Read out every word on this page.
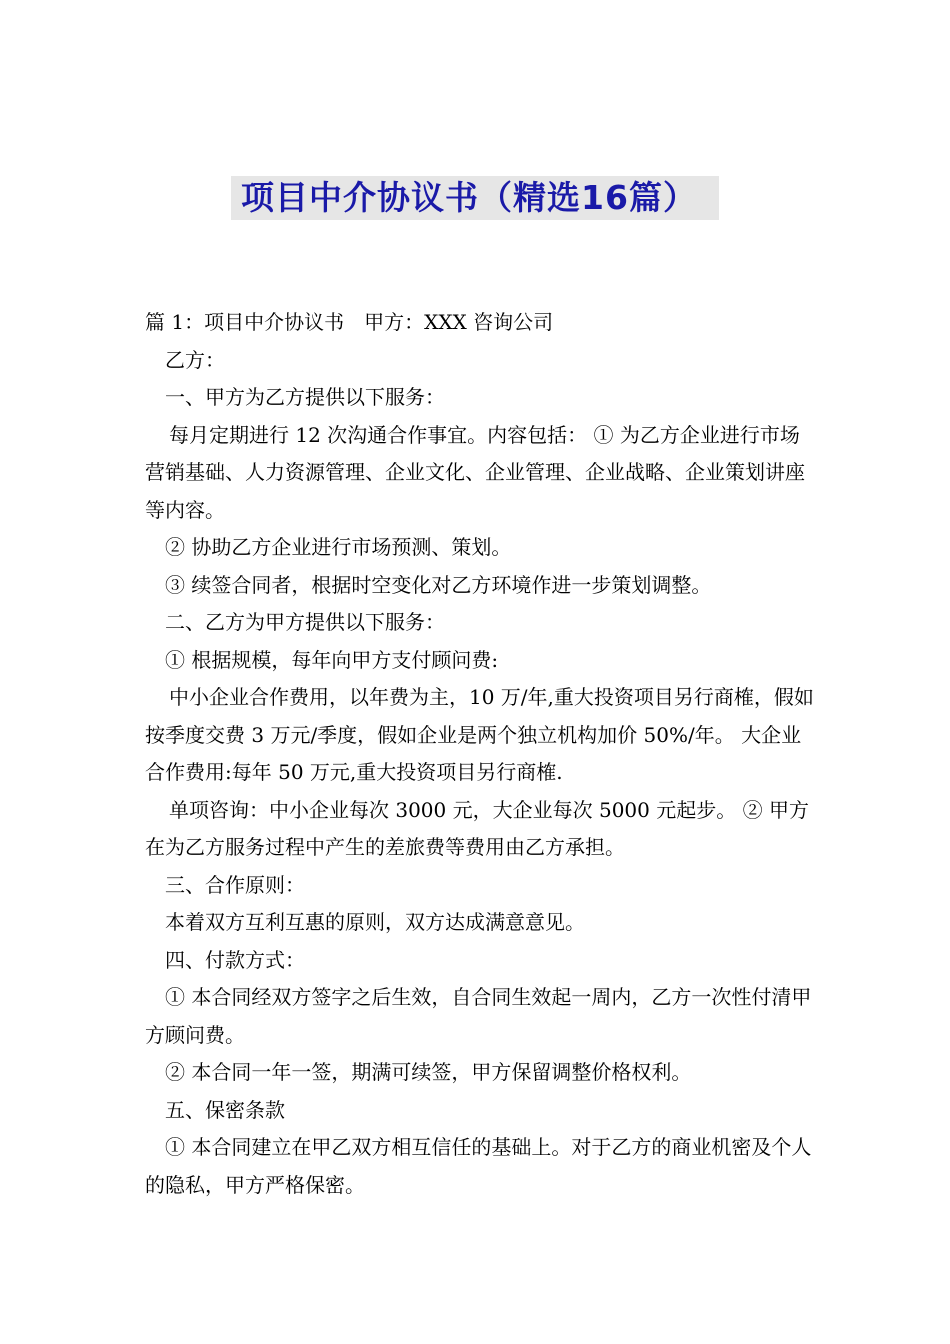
项目中介协议书（精选16篇）

篇 1：项目中介协议书　甲方：XXX 咨询公司

乙方：

一、甲方为乙方提供以下服务：

每月定期进行 12 次沟通合作事宜。内容包括： ① 为乙方企业进行市场营销基础、人力资源管理、企业文化、企业管理、企业战略、企业策划讲座等内容。

② 协助乙方企业进行市场预测、策划。

③ 续签合同者，根据时空变化对乙方环境作进一步策划调整。

二、乙方为甲方提供以下服务：

① 根据规模，每年向甲方支付顾问费:

中小企业合作费用，以年费为主，10 万/年,重大投资项目另行商榷，假如按季度交费 3 万元/季度，假如企业是两个独立机构加价 50%/年。 大企业合作费用:每年 50 万元,重大投资项目另行商榷.

单项咨询：中小企业每次 3000 元，大企业每次 5000 元起步。 ② 甲方在为乙方服务过程中产生的差旅费等费用由乙方承担。

三、合作原则：

本着双方互利互惠的原则，双方达成满意意见。

四、付款方式：

① 本合同经双方签字之后生效，自合同生效起一周内，乙方一次性付清甲方顾问费。

② 本合同一年一签，期满可续签，甲方保留调整价格权利。

五、保密条款

① 本合同建立在甲乙双方相互信任的基础上。对于乙方的商业机密及个人的隐私，甲方严格保密。
